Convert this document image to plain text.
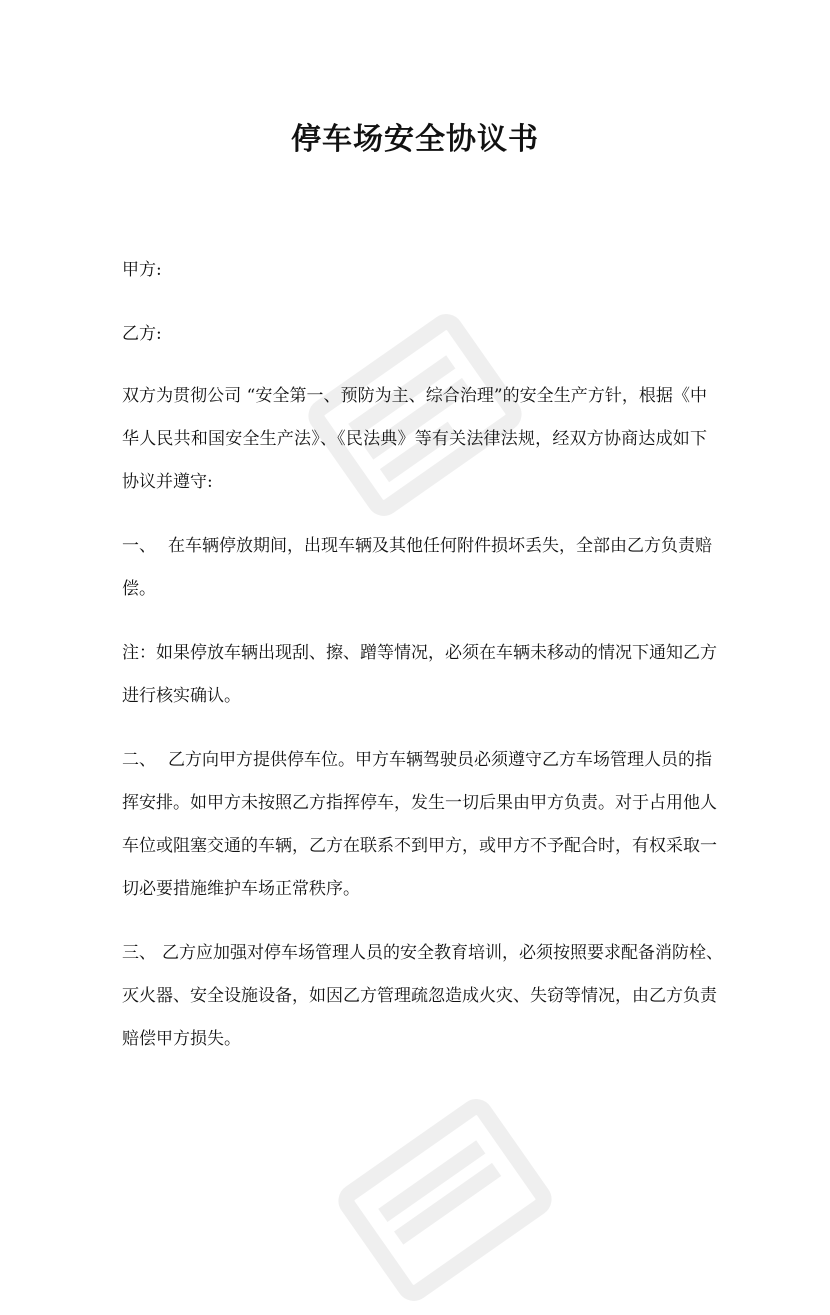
停车场安全协议书
甲方:
乙方:
双方为贯彻公司 “安全第一、预防为主、综合治理”的安全生产方针，根据《中
华人民共和国安全生产法》、《民法典》等有关法律法规，经双方协商达成如下
协议并遵守:
一、 在车辆停放期间，出现车辆及其他任何附件损坏丢失，全部由乙方负责赔
偿。
注：如果停放车辆出现刮、擦、蹭等情况，必须在车辆未移动的情况下通知乙方
进行核实确认。
二、 乙方向甲方提供停车位。甲方车辆驾驶员必须遵守乙方车场管理人员的指
挥安排。如甲方未按照乙方指挥停车，发生一切后果由甲方负责。对于占用他人
车位或阻塞交通的车辆，乙方在联系不到甲方，或甲方不予配合时，有权采取一
切必要措施维护车场正常秩序。
三、 乙方应加强对停车场管理人员的安全教育培训，必须按照要求配备消防栓、
灭火器、安全设施设备，如因乙方管理疏忽造成火灾、失窃等情况，由乙方负责
赔偿甲方损失。
